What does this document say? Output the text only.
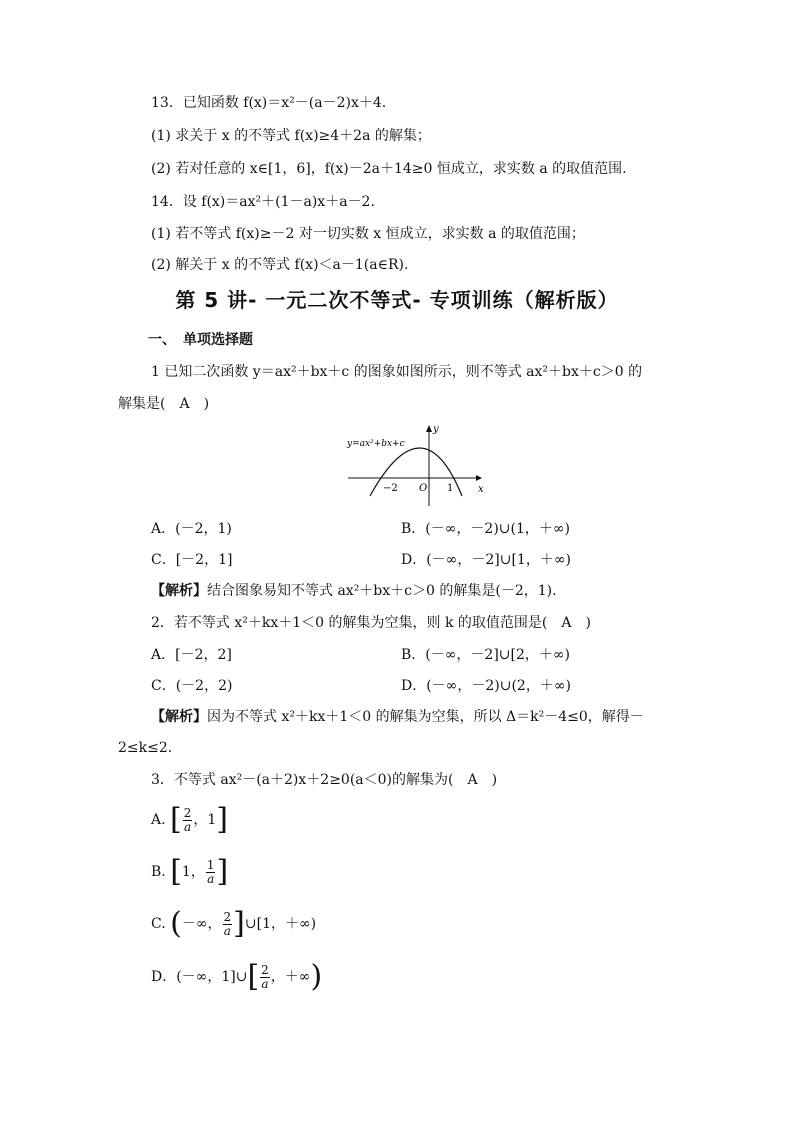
13．已知函数 f(x)＝x²－(a－2)x＋4.
(1) 求关于 x 的不等式 f(x)≥4＋2a 的解集；
(2) 若对任意的 x∈[1，6]，f(x)－2a＋14≥0 恒成立，求实数 a 的取值范围.
14．设 f(x)＝ax²＋(1－a)x＋a－2.
(1) 若不等式 f(x)≥－2 对一切实数 x 恒成立，求实数 a 的取值范围；
(2) 解关于 x 的不等式 f(x)＜a－1(a∈R).
第 5 讲- 一元二次不等式- 专项训练（解析版）
一、　单项选择题
1 已知二次函数 y＝ax²＋bx＋c 的图象如图所示，则不等式 ax²＋bx＋c＞0 的
解集是(　A　)
y=ax²+bx+c
y
x
O
−2	1
A．(－2，1)	B．(－∞，－2)∪(1，＋∞)
C．[－2，1]	D．(－∞，－2]∪[1，＋∞)
【解析】结合图象易知不等式 ax²＋bx＋c＞0 的解集是(－2，1).
2．若不等式 x²＋kx＋1＜0 的解集为空集，则 k 的取值范围是(　A　)
A．[－2，2]	B．(－∞，－2]∪[2，＋∞)
C．(－2，2)	D．(－∞，－2)∪(2，＋∞)
【解析】因为不等式 x²＋kx＋1＜0 的解集为空集，所以 Δ＝k²－4≤0，解得－
2≤k≤2.
3．不等式 ax²－(a＋2)x＋2≥0(a＜0)的解集为(　A　)
A. [ $\frac{2}{a}$ ，1]
B. [1， $\frac{1}{a}$ ]
C. (－∞， $\frac{2}{a}$ ]∪[1，＋∞)
D．(－∞，1]∪[ $\frac{2}{a}$ ，＋∞)
